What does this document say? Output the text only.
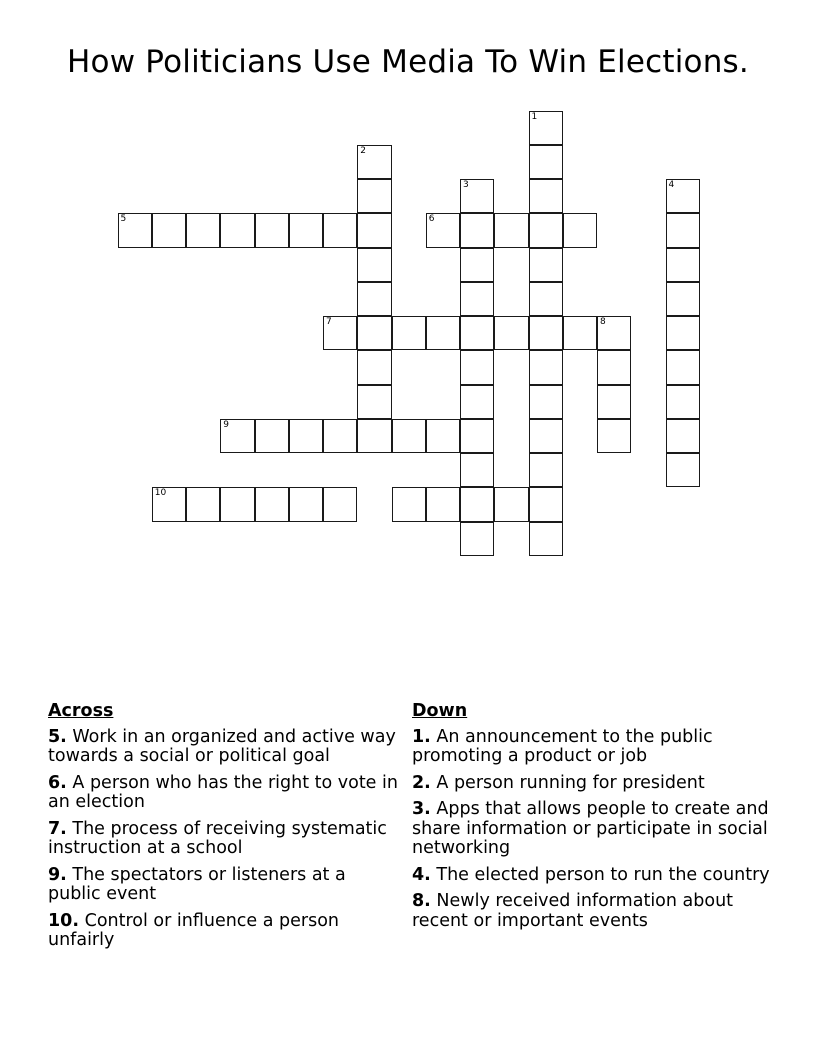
How Politicians Use Media To Win Elections.
1
2
3	4
5	6
7	8
9
10
Across
5. Work in an organized and active way towards a social or political goal
6. A person who has the right to vote in an election
7. The process of receiving systematic instruction at a school
9. The spectators or listeners at a public event
10. Control or influence a person unfairly
Down
1. An announcement to the public promoting a product or job
2. A person running for president
3. Apps that allows people to create and share information or participate in social networking
4. The elected person to run the country
8. Newly received information about recent or important events
